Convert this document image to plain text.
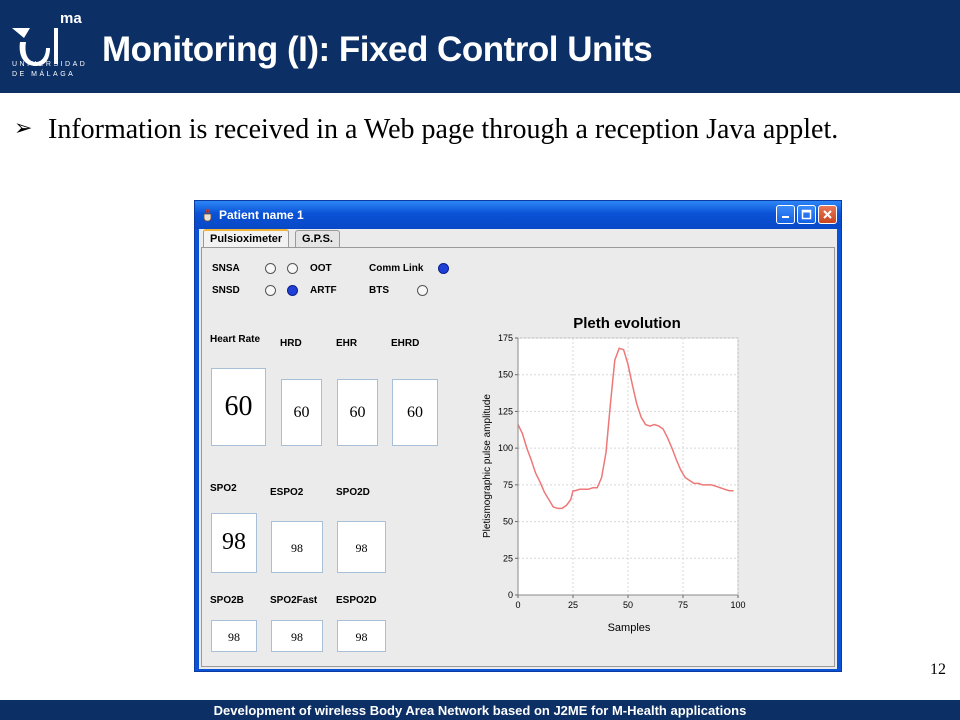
ma
UNIVERSIDAD DE MÁLAGA
Monitoring (I): Fixed Control Units
➢ Information is received in a Web page through a reception Java applet.
Patient name 1
Pulsioximeter	G.P.S.
SNSA	OOT	Comm Link
SNSD	ARTF	BTS
Heart Rate
60
HRD
60
EHR
60
EHRD
60
SPO2
98
ESPO2
98
SPO2D
98
SPO2B
98
SPO2Fast
98
ESPO2D
98
Pleth evolution
0
25
50
75
100
125
150
175
0	25	50	75	100
Samples
Pletismographic pulse amplitude
12
Development of wireless Body Area Network based on J2ME for M-Health applications
